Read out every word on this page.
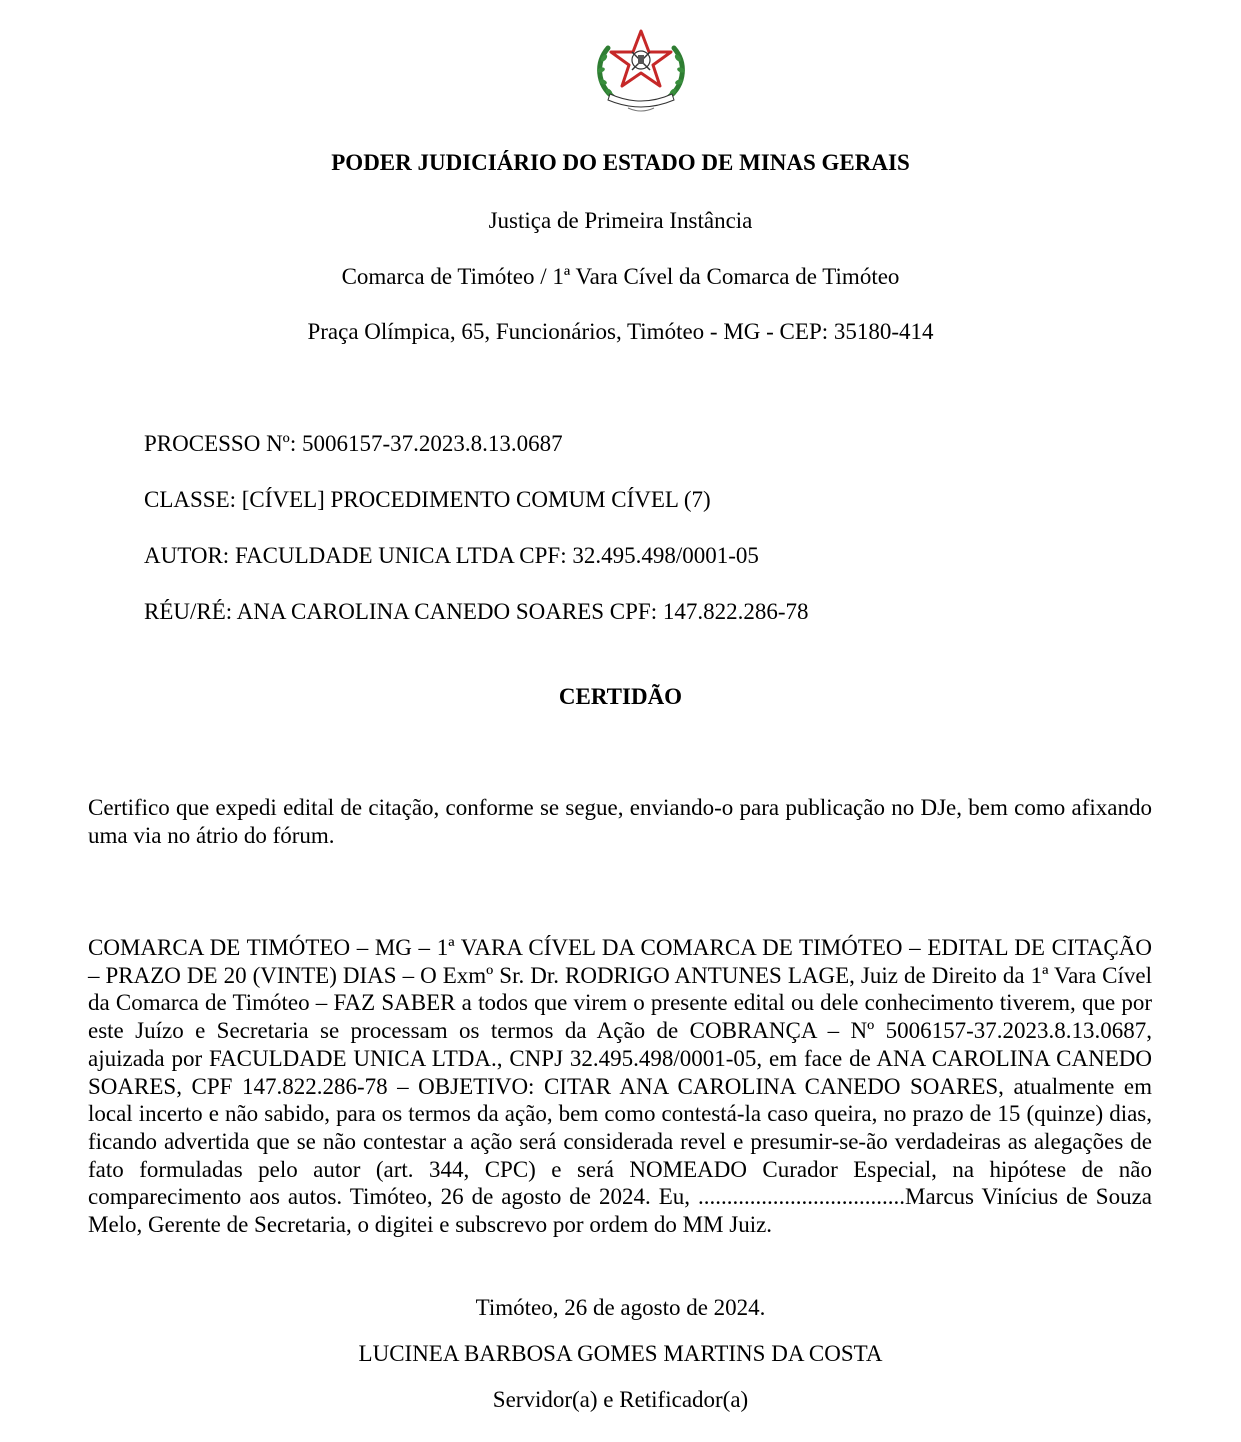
PODER JUDICIÁRIO DO ESTADO DE MINAS GERAIS
Justiça de Primeira Instância
Comarca de Timóteo / 1ª Vara Cível da Comarca de Timóteo
Praça Olímpica, 65, Funcionários, Timóteo - MG - CEP: 35180-414
PROCESSO Nº: 5006157-37.2023.8.13.0687
CLASSE: [CÍVEL] PROCEDIMENTO COMUM CÍVEL (7)
AUTOR: FACULDADE UNICA LTDA CPF: 32.495.498/0001-05
RÉU/RÉ: ANA CAROLINA CANEDO SOARES CPF: 147.822.286-78
CERTIDÃO
Certifico que expedi edital de citação, conforme se segue, enviando-o para publicação no DJe, bem como afixando uma via no átrio do fórum.
COMARCA DE TIMÓTEO – MG – 1ª VARA CÍVEL DA COMARCA DE TIMÓTEO – EDITAL DE CITAÇÃO – PRAZO DE 20 (VINTE) DIAS – O Exmº Sr. Dr. RODRIGO ANTUNES LAGE, Juiz de Direito da 1ª Vara Cível da Comarca de Timóteo – FAZ SABER a todos que virem o presente edital ou dele conhecimento tiverem, que por este Juízo e Secretaria se processam os termos da Ação de COBRANÇA – Nº 5006157-37.2023.8.13.0687, ajuizada por FACULDADE UNICA LTDA., CNPJ 32.495.498/0001-05, em face de ANA CAROLINA CANEDO SOARES, CPF 147.822.286-78 – OBJETIVO: CITAR ANA CAROLINA CANEDO SOARES, atualmente em local incerto e não sabido, para os termos da ação, bem como contestá-la caso queira, no prazo de 15 (quinze) dias, ficando advertida que se não contestar a ação será considerada revel e presumir-se-ão verdadeiras as alegações de fato formuladas pelo autor (art. 344, CPC) e será NOMEADO Curador Especial, na hipótese de não comparecimento aos autos. Timóteo, 26 de agosto de 2024. Eu, ....................................Marcus Vinícius de Souza Melo, Gerente de Secretaria, o digitei e subscrevo por ordem do MM Juiz.
Timóteo, 26 de agosto de 2024.
LUCINEA BARBOSA GOMES MARTINS DA COSTA
Servidor(a) e Retificador(a)
